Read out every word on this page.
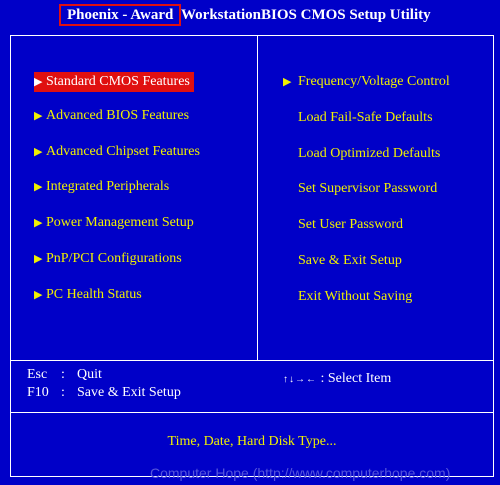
Phoenix - Award WorkstationBIOS CMOS Setup Utility
▶ Standard CMOS Features
▶ Advanced BIOS Features
▶ Advanced Chipset Features
▶ Integrated Peripherals
▶ Power Management Setup
▶ PnP/PCI Configurations
▶ PC Health Status
▶ Frequency/Voltage Control
Load Fail-Safe Defaults
Load Optimized Defaults
Set Supervisor Password
Set User Password
Save & Exit Setup
Exit Without Saving
Esc : Quit
F10 : Save & Exit Setup
↑↓→← : Select Item
Time, Date, Hard Disk Type...
Computer Hope (http://www.computerhope.com)
